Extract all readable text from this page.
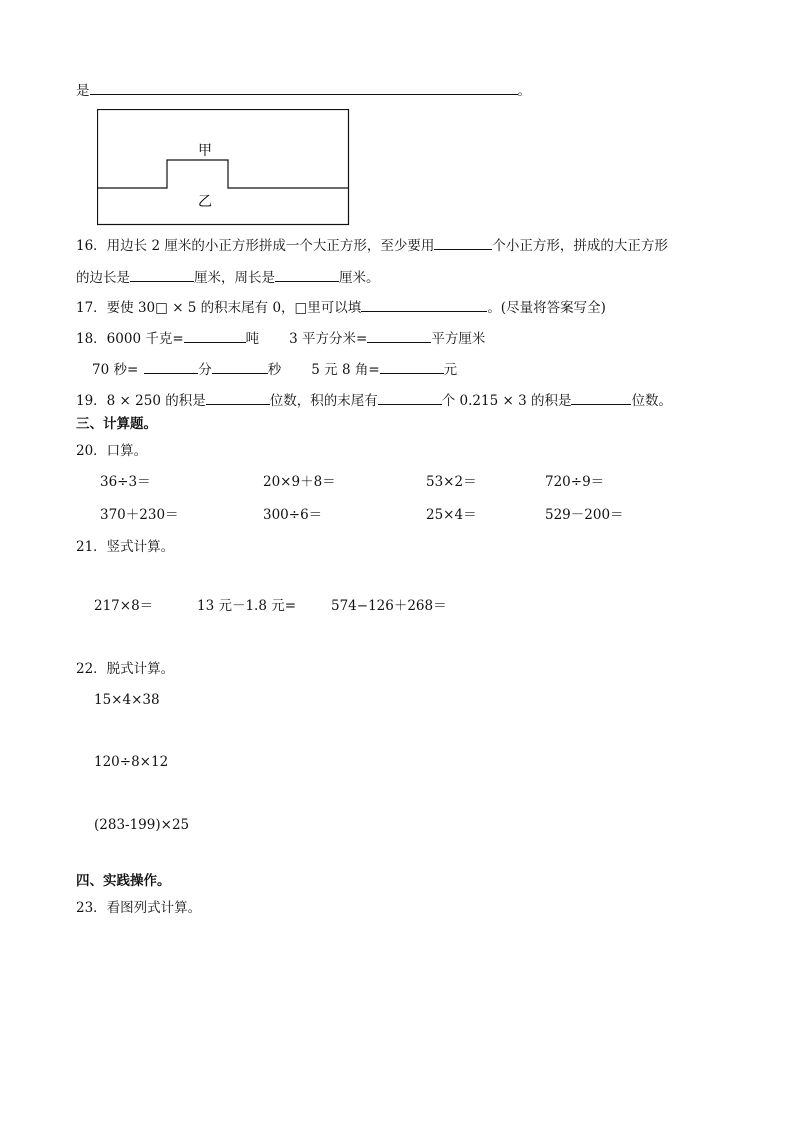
是	。
甲
乙
16．用边长 2 厘米的小正方形拼成一个大正方形，至少要用	个小正方形，拼成的大正方形
的边长是	厘米，周长是	厘米。
17．要使 30□ × 5 的积末尾有 0，□里可以填	。(尽量将答案写全)
18．6000 千克=	吨 3 平方分米=	平方厘米
70 秒=	分	秒 5 元 8 角=	元
19．8 × 250 的积是	位数，积的末尾有	个 0.215 × 3 的积是	位数。
三、计算题。
20．口算。
36÷3＝	20×9＋8＝	53×2＝	720÷9＝
370＋230＝	300÷6＝	25×4＝	529－200＝
21．竖式计算。
217×8＝	13 元－1.8 元=	574−126＋268＝
22．脱式计算。
15×4×38
120÷8×12
(283-199)×25
四、实践操作。
23．看图列式计算。
